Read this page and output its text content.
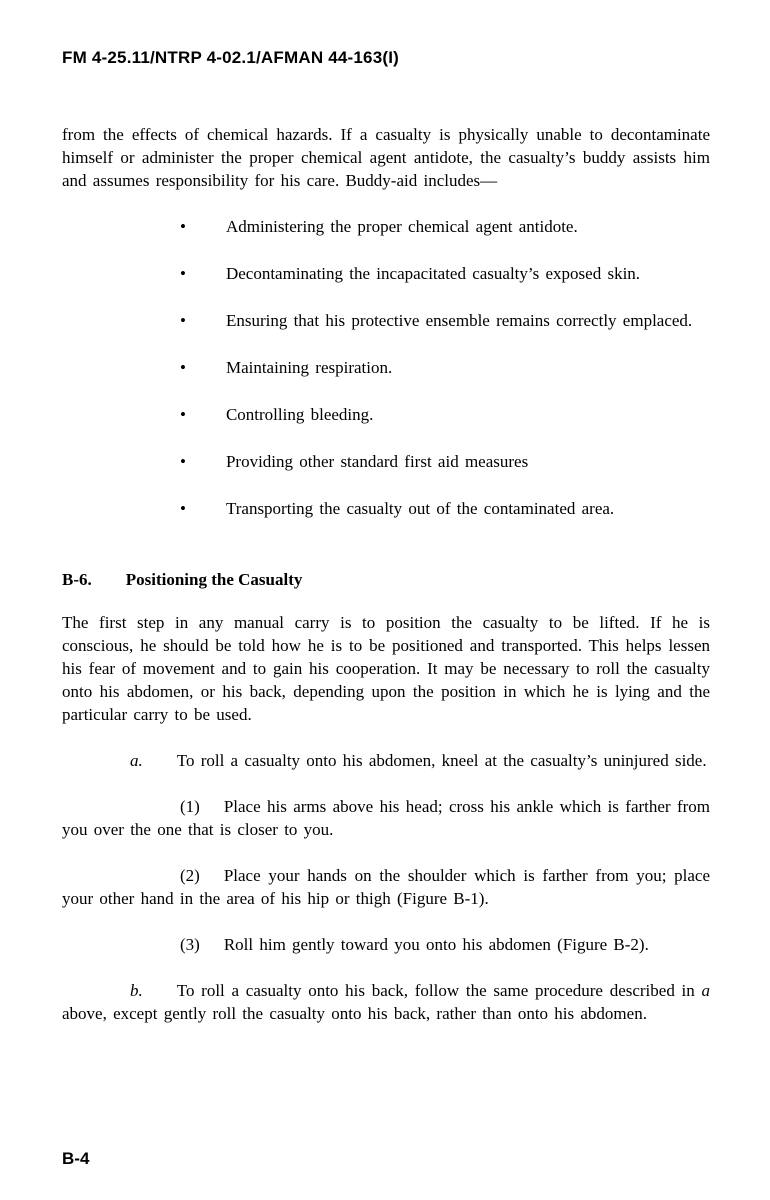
FM 4-25.11/NTRP 4-02.1/AFMAN 44-163(I)

from the effects of chemical hazards. If a casualty is physically unable to decontaminate himself or administer the proper chemical agent antidote, the casualty’s buddy assists him and assumes responsibility for his care. Buddy-aid includes—

• Administering the proper chemical agent antidote.

• Decontaminating the incapacitated casualty’s exposed skin.

• Ensuring that his protective ensemble remains correctly emplaced.

• Maintaining respiration.

• Controlling bleeding.

• Providing other standard first aid measures

• Transporting the casualty out of the contaminated area.

B-6. Positioning the Casualty

The first step in any manual carry is to position the casualty to be lifted. If he is conscious, he should be told how he is to be positioned and transported. This helps lessen his fear of movement and to gain his cooperation. It may be necessary to roll the casualty onto his abdomen, or his back, depending upon the position in which he is lying and the particular carry to be used.

a. To roll a casualty onto his abdomen, kneel at the casualty’s uninjured side.

(1) Place his arms above his head; cross his ankle which is farther from you over the one that is closer to you.

(2) Place your hands on the shoulder which is farther from you; place your other hand in the area of his hip or thigh (Figure B-1).

(3) Roll him gently toward you onto his abdomen (Figure B-2).

b. To roll a casualty onto his back, follow the same procedure described in a above, except gently roll the casualty onto his back, rather than onto his abdomen.

B-4
